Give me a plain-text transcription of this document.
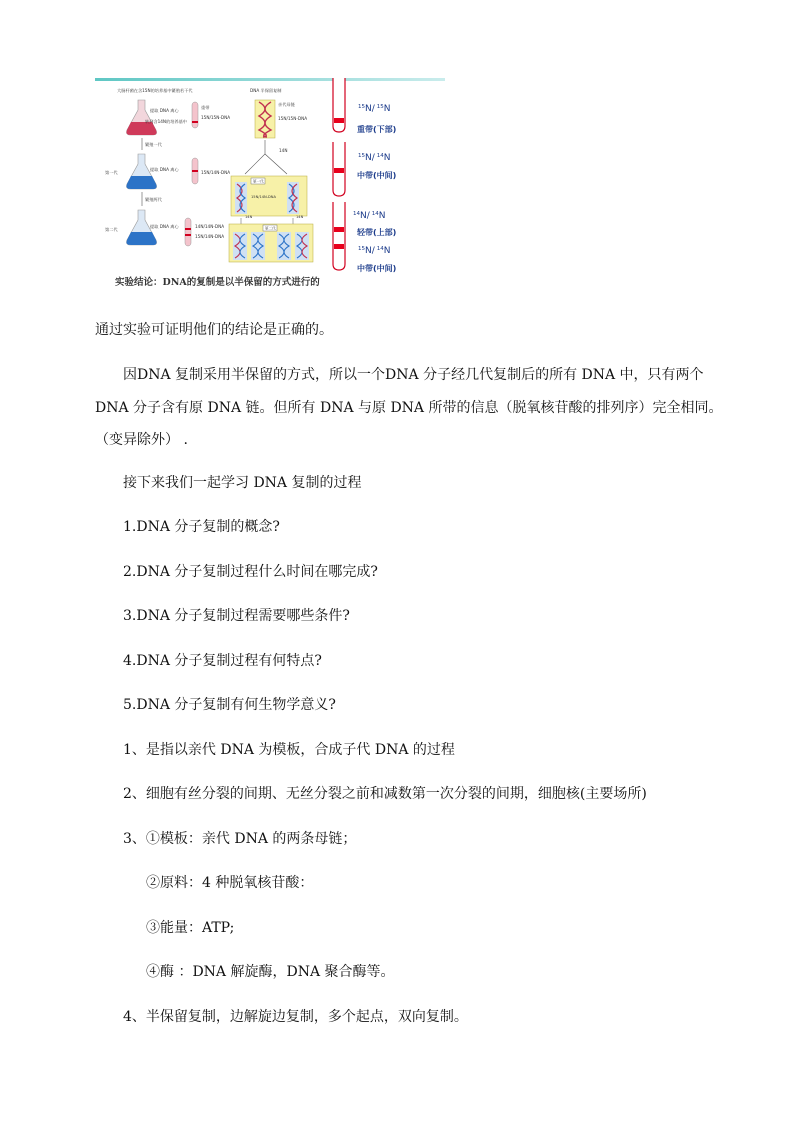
大肠杆菌在含15N的培养基中繁殖若干代
提取 DNA 离心
转到含14N的培养基中
重带
15N/15N-DNA
繁殖一代
第一代
提取 DNA 离心
15N/14N-DNA
繁殖两代
第二代
提取 DNA 离心	14N/14N-DNA
15N/14N-DNA
DNA 半保留复制
亲代母链
15N/15N-DNA
14N
第一代
15N/14N-DNA
14N	14N
第二代
$^{15}$N/ $^{15}$N
重带(下部)
$^{15}$N/ $^{14}$N
中带(中间)
$^{14}$N/ $^{14}$N
轻带(上部)
$^{15}$N/ $^{14}$N
中带(中间)
实验结论：DNA的复制是以半保留的方式进行的
通过实验可证明他们的结论是正确的。
因DNA 复制采用半保留的方式，所以一个DNA 分子经几代复制后的所有 DNA 中，只有两个
DNA 分子含有原 DNA 链。但所有 DNA 与原 DNA 所带的信息（脱氧核苷酸的排列序）完全相同。
（变异除外） .
接下来我们一起学习 DNA 复制的过程
1.DNA 分子复制的概念?
2.DNA 分子复制过程什么时间在哪完成?
3.DNA 分子复制过程需要哪些条件?
4.DNA 分子复制过程有何特点?
5.DNA 分子复制有何生物学意义?
1、是指以亲代 DNA 为模板，合成子代 DNA 的过程
2、细胞有丝分裂的间期、无丝分裂之前和减数第一次分裂的间期，细胞核(主要场所)
3、①模板：亲代 DNA 的两条母链；
②原料：4 种脱氧核苷酸：
③能量：ATP;
④酶 ：DNA 解旋酶，DNA 聚合酶等。
4、半保留复制，边解旋边复制，多个起点，双向复制。
